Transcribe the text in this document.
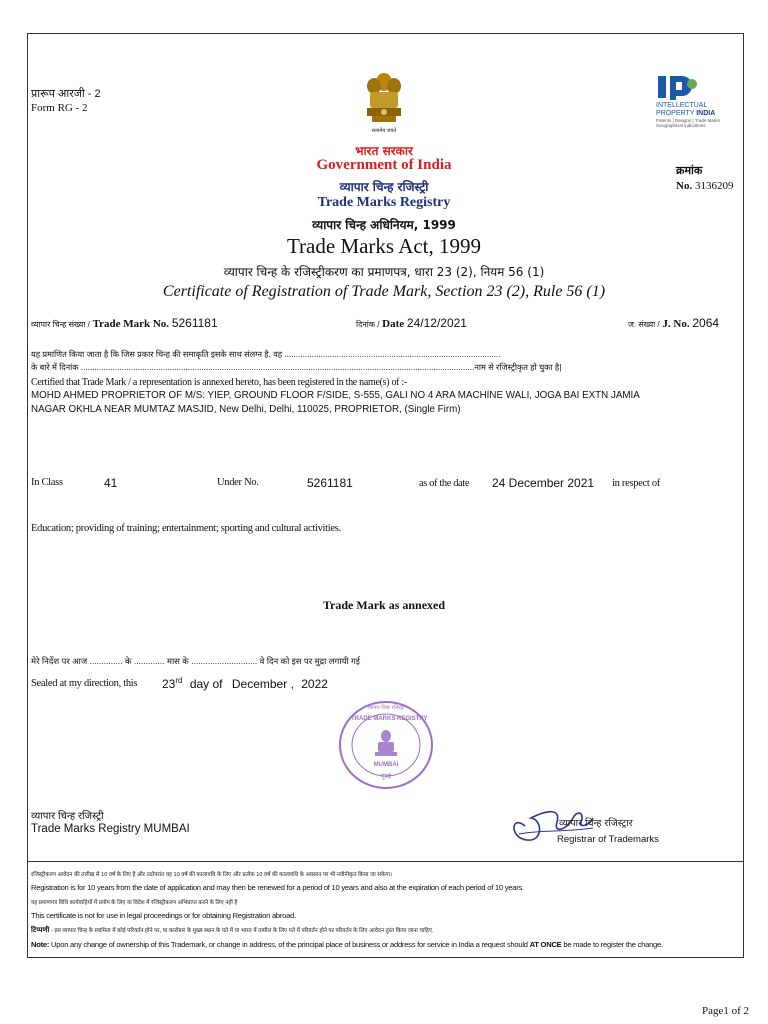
प्रारूप आरजी - 2
Form RG - 2
सत्यमेव जयते
INTELLECTUAL
PROPERTY INDIA
Patents | Designs | Trade Marks
Geographical Indications
भारत सरकार
Government of India
व्यापार चिन्ह रजिस्ट्री
Trade Marks Registry
व्यापार चिन्ह अधिनियम, 1999
Trade Marks Act, 1999
व्यापार चिन्ह के रजिस्ट्रीकरण का प्रमाणपत्र, धारा 23 (2), नियम 56 (1)
Certificate of Registration of Trade Mark, Section 23 (2), Rule 56 (1)
क्रमांक
No. 3136209
व्यापार चिन्ह संख्या / Trade Mark No. 5261181	दिनांक / Date 24/12/2021	ज. संख्या / J. No. 2064
यह प्रमाणित किया जाता है कि जिस प्रकार चिन्ह की समाकृति इसके साथ संलग्न है, वह ...............................................................................................
के बारे में दिनांक .............................................................................................................................................................................नाम से रजिस्ट्रीकृत हो चुका है|
Certified that Trade Mark / a representation is annexed hereto, has been registered in the name(s) of :-
MOHD AHMED PROPRIETOR OF M/S: YIEP, GROUND FLOOR F/SIDE, S-555, GALI NO 4 ARA MACHINE WALI, JOGA BAI EXTN JAMIA
NAGAR OKHLA NEAR MUMTAZ MASJID, New Delhi, Delhi, 110025, PROPRIETOR, (Single Firm)
In Class	41	Under No.	5261181	as of the date 24 December 2021 in respect of
Education; providing of training; entertainment; sporting and cultural activities.
Trade Mark as annexed
मेरे निर्देश पर आज .............. के ............. मास के ............................ वे दिन को इस पर मुद्रा लगायी गई
Sealed at my direction, this 23rd day of December , 2022
TRADE MARKS REGISTRY
व्यापार चिन्ह रजिस्ट्री
MUMBAI
मुंबई
व्यापार चिन्ह रजिस्ट्री
Trade Marks Registry MUMBAI	व्यापार चिन्ह रजिस्ट्रार
Registrar of Trademarks
रजिस्ट्रीकरण आवेदन की तारीख से 10 वर्ष के लिए है और तदोपरांत वह 10 वर्ष की कालावधि के लिए और प्रत्येक 10 वर्ष की कालावधि के अवसान पर भी नवीनीकृत किया जा सकेगा।
Registration is for 10 years from the date of application and may then be renewed for a period of 10 years and also at the expiration of each period of 10 years.
यह प्रमाणपत्र विधि कार्यवाहियों में प्रयोग के लिए या विदेश में रजिस्ट्रीकरण अभिप्राप्त करने के लिए नहीं है
This certificate is not for use in legal proceedings or for obtaining Registration abroad.
टिप्पणी - इस व्यापार चिन्ह के स्वामित्व में कोई परिवर्तन होने पर, या कारोबार के मुख्य स्थान के पते में या भारत में तामील के लिए पते में परिवर्तन होने पर परिवर्तन के लिए आवेदन तुरंत किया जाना चाहिए.
Note: Upon any change of ownership of this Trademark, or change in address, of the principal place of business or address for service in India a request should AT ONCE be made to register the change.
Page1 of 2
